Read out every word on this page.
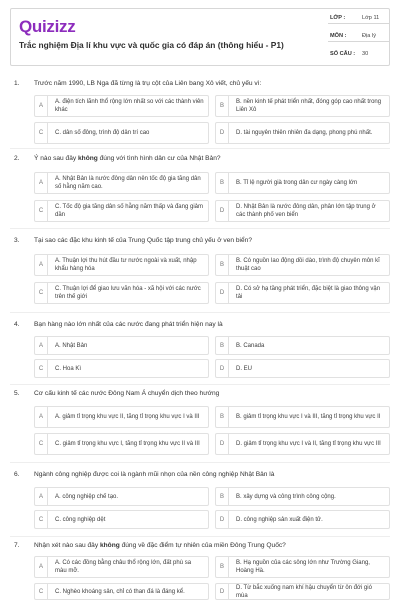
Quizizz
Trắc nghiệm Địa lí khu vực và quốc gia có đáp án (thông hiểu - P1)
LỚP :	Lớp 11
MÔN :	Địa lý
SỐ CÂU :	30
1. Trước năm 1990, LB Nga đã từng là trụ cột của Liên bang Xô viết, chủ yếu vì:
A
A. điện tích lãnh thổ rộng lớn nhất so với các thành viên khác
B
B. nền kinh tế phát triển nhất, đóng góp cao nhất trong Liên Xô
C	C. dân số đông, trình độ dân trí cao	D	D. tài nguyên thiên nhiên đa dạng, phong phú nhất.
2. Ý nào sau đây không đúng với tình hình dân cư của Nhật Bản?
A
A. Nhật Bản là nước đông dân nên tốc độ gia tăng dân số hằng năm cao.
B	B. Tỉ lệ người già trong dân cư ngày càng lớn
C
C. Tốc độ gia tăng dân số hằng năm thấp và đang giảm dần
D
D. Nhật Bản là nước đông dân, phân lớn tập trung ở các thành phố ven biển
3. Tại sao các đặc khu kinh tế của Trung Quốc tập trung chủ yếu ở ven biển?
A
A. Thuận lợi thu hút đầu tư nước ngoài và xuất, nhập khẩu hàng hóa
B
B. Có nguồn lao động dồi dào, trình độ chuyên môn kĩ thuật cao
C
C. Thuận lợi để giao lưu văn hóa - xã hội với các nước trên thế giới
D
D. Có sở hạ tầng phát triển, đặc biệt là giao thông vận tải
4. Bạn hàng nào lớn nhất của các nước đang phát triển hiện nay là
A	A. Nhật Bản	B	B. Canada
C	C. Hoa Kì	D	D. EU
5. Cơ cấu kinh tế các nước Đông Nam Á chuyển dịch theo hướng
A	A. giảm tỉ trọng khu vực II, tăng tỉ trọng khu vực I và III	B	B. giảm tỉ trọng khu vực I và III, tăng tỉ trọng khu vực II
C	C. giảm tỉ trọng khu vực I, tăng tỉ trọng khu vực II và III	D	D. giảm tỉ trọng khu vực I và II, tăng tỉ trọng khu vực III
6. Ngành công nghiệp được coi là ngành mũi nhọn của nền công nghiệp Nhật Bản là
A	A. công nghiệp chế tạo.	B	B. xây dựng và công trình công cộng.
C	C. công nghiệp dệt	D	D. công nghiệp sản xuất điện tử.
7. Nhận xét nào sau đây không đúng về đặc điểm tự nhiên của miền Đông Trung Quốc?
A
A. Có các đồng bằng châu thổ rộng lớn, đất phù sa màu mỡ.
B
B. Hạ nguồn của các sông lớn như Trường Giang, Hoàng Hà.
C	C. Nghèo khoáng sản, chỉ có than đá là đáng kể.	D
D. Từ bắc xuống nam khí hậu chuyển từ ôn đới gió mùa
